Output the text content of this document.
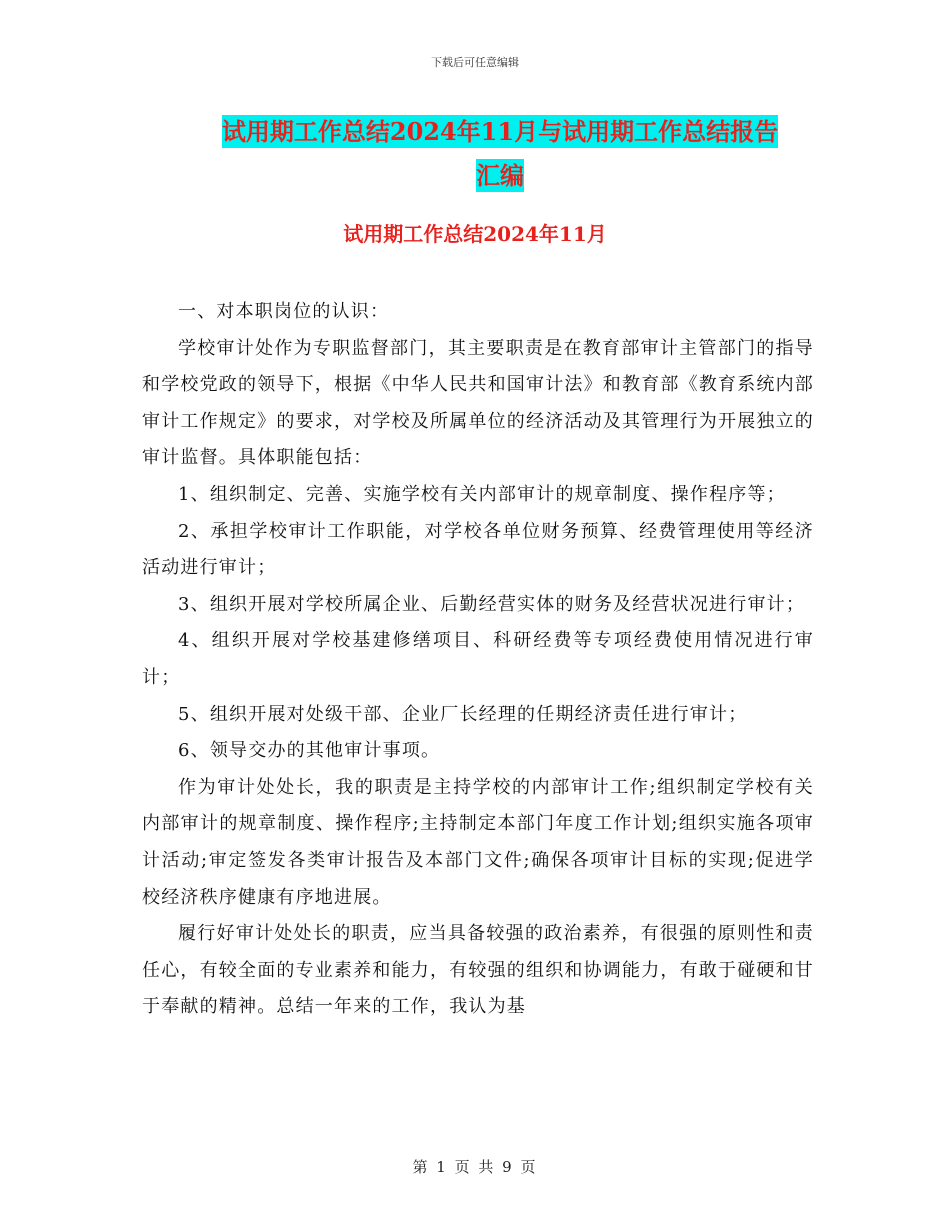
下载后可任意编辑
试用期工作总结2024年11月与试用期工作总结报告
汇编
试用期工作总结2024年11月

一、对本职岗位的认识：

学校审计处作为专职监督部门，其主要职责是在教育部审计主管部门的指导和学校党政的领导下，根据《中华人民共和国审计法》和教育部《教育系统内部审计工作规定》的要求，对学校及所属单位的经济活动及其管理行为开展独立的审计监督。具体职能包括：

1、组织制定、完善、实施学校有关内部审计的规章制度、操作程序等；

2、承担学校审计工作职能，对学校各单位财务预算、经费管理使用等经济活动进行审计；

3、组织开展对学校所属企业、后勤经营实体的财务及经营状况进行审计；

4、组织开展对学校基建修缮项目、科研经费等专项经费使用情况进行审计；

5、组织开展对处级干部、企业厂长经理的任期经济责任进行审计；

6、领导交办的其他审计事项。

作为审计处处长，我的职责是主持学校的内部审计工作;组织制定学校有关内部审计的规章制度、操作程序;主持制定本部门年度工作计划;组织实施各项审计活动;审定签发各类审计报告及本部门文件;确保各项审计目标的实现;促进学校经济秩序健康有序地进展。

履行好审计处处长的职责，应当具备较强的政治素养，有很强的原则性和责任心，有较全面的专业素养和能力，有较强的组织和协调能力，有敢于碰硬和甘于奉献的精神。总结一年来的工作，我认为基

第 1 页 共 9 页
